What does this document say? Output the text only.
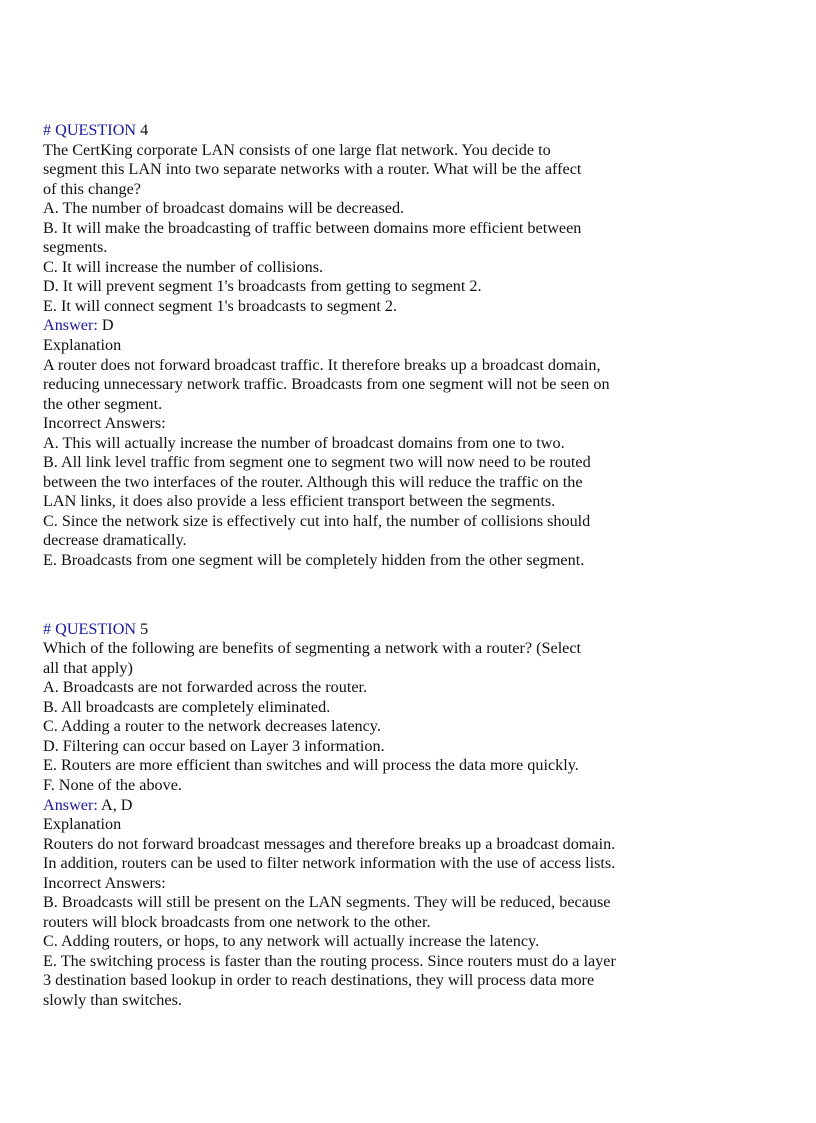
# QUESTION 4
The CertKing corporate LAN consists of one large flat network. You decide to
segment this LAN into two separate networks with a router. What will be the affect
of this change?
A. The number of broadcast domains will be decreased.
B. It will make the broadcasting of traffic between domains more efficient between
segments.
C. It will increase the number of collisions.
D. It will prevent segment 1's broadcasts from getting to segment 2.
E. It will connect segment 1's broadcasts to segment 2.
Answer: D
Explanation
A router does not forward broadcast traffic. It therefore breaks up a broadcast domain,
reducing unnecessary network traffic. Broadcasts from one segment will not be seen on
the other segment.
Incorrect Answers:
A. This will actually increase the number of broadcast domains from one to two.
B. All link level traffic from segment one to segment two will now need to be routed
between the two interfaces of the router. Although this will reduce the traffic on the
LAN links, it does also provide a less efficient transport between the segments.
C. Since the network size is effectively cut into half, the number of collisions should
decrease dramatically.
E. Broadcasts from one segment will be completely hidden from the other segment.
# QUESTION 5
Which of the following are benefits of segmenting a network with a router? (Select
all that apply)
A. Broadcasts are not forwarded across the router.
B. All broadcasts are completely eliminated.
C. Adding a router to the network decreases latency.
D. Filtering can occur based on Layer 3 information.
E. Routers are more efficient than switches and will process the data more quickly.
F. None of the above.
Answer: A, D
Explanation
Routers do not forward broadcast messages and therefore breaks up a broadcast domain.
In addition, routers can be used to filter network information with the use of access lists.
Incorrect Answers:
B. Broadcasts will still be present on the LAN segments. They will be reduced, because
routers will block broadcasts from one network to the other.
C. Adding routers, or hops, to any network will actually increase the latency.
E. The switching process is faster than the routing process. Since routers must do a layer
3 destination based lookup in order to reach destinations, they will process data more
slowly than switches.
